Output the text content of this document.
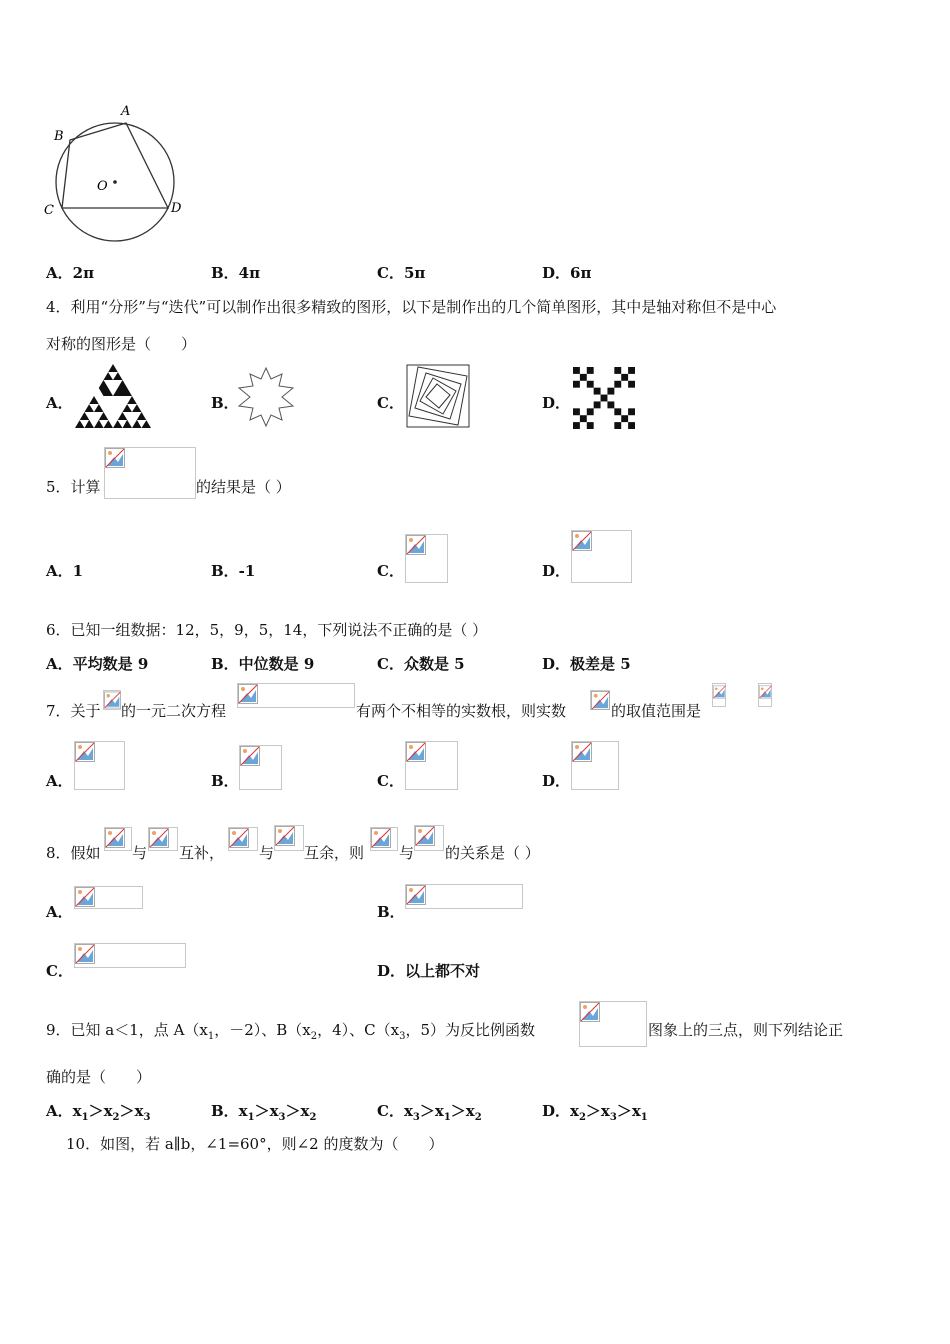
A
B
C	D
O
A．2π	B．4π	C．5π	D．6π
4．利用“分形”与“迭代”可以制作出很多精致的图形，以下是制作出的几个简单图形，其中是轴对称但不是中心
对称的图形是（　　）
A．	B．	C．	D．
5．计算	的结果是（ ）
A．1	B．-1	C．	D．
6．已知一组数据：12，5，9，5，14，下列说法不正确的是（ ）
A．平均数是 9	B．中位数是 9	C．众数是 5	D．极差是 5
7．关于 的一元二次方程	有两个不相等的实数根，则实数	的取值范围是
A．	B．	C．	D．
8．假如 与 互补， 与 互余，则 与 的关系是（ ）
A．	B．
C．	D．以上都不对
9．已知 a＜1，点 $A(x_1$，－2）、$B(x_2$，4）、$C(x_3$，5）为反比例函数	图象上的三点，则下列结论正
确的是（　　）
A．$x_1>x_2>x_3$	B．$x_1>x_3>x_2$	C．$x_3>x_1>x_2$	D．$x_2>x_3>x_1$
10．如图，若 a∥b，∠1=60°，则∠2 的度数为（　　）
